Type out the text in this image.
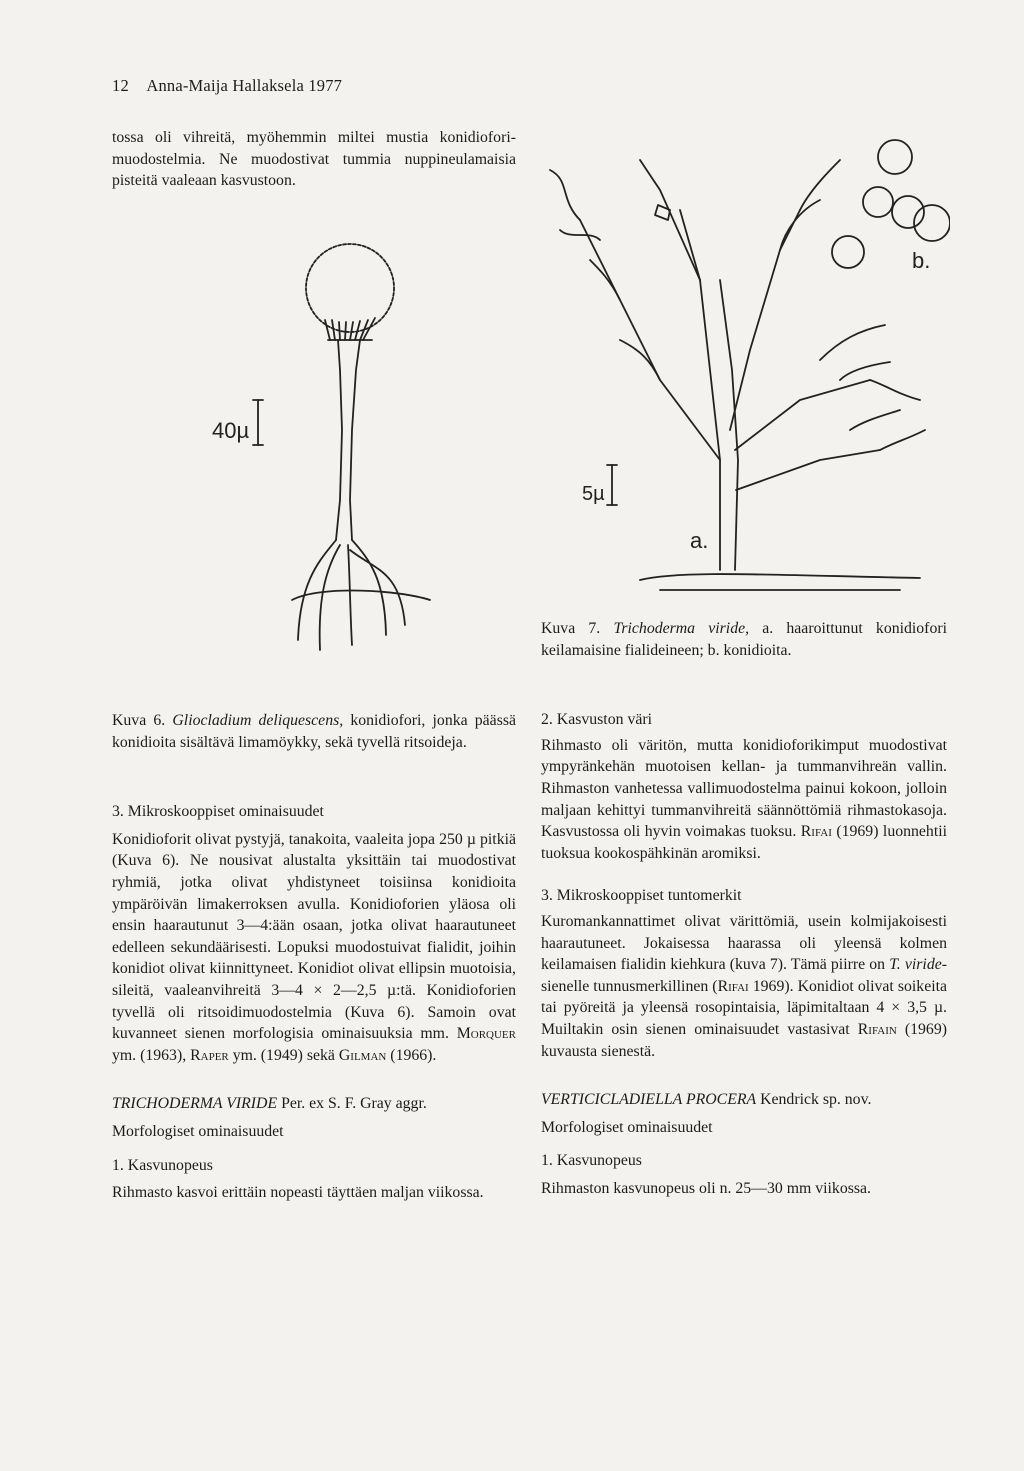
12 Anna-Maija Hallaksela 1977

tossa oli vihreitä, myöhemmin miltei mustia konidiofori-muodostelmia. Ne muodostivat tummia nuppineulamaisia pisteitä vaaleaan kasvustoon.

40µ
b.
5µ
a.

Kuva 6. Gliocladium deliquescens, konidiofori, jonka päässä konidioita sisältävä limamöykky, sekä tyvellä ritsoideja.

3. Mikroskooppiset ominaisuudet

Konidioforit olivat pystyjä, tanakoita, vaaleita jopa 250 µ pitkiä (Kuva 6). Ne nousivat alustalta yksittäin tai muodostivat ryhmiä, jotka olivat yhdistyneet toisiinsa konidioita ympäröivän limakerroksen avulla. Konidioforien yläosa oli ensin haarautunut 3—4:ään osaan, jotka olivat haarautuneet edelleen sekundäärisesti. Lopuksi muodostuivat fialidit, joihin konidiot olivat kiinnittyneet. Konidiot olivat ellipsin muotoisia, sileitä, vaaleanvihreitä 3—4 × 2—2,5 µ:tä. Konidioforien tyvellä oli ritsoidimuodostelmia (Kuva 6). Samoin ovat kuvanneet sienen morfologisia ominaisuuksia mm. Morquer ym. (1963), Raper ym. (1949) sekä Gilman (1966).

TRICHODERMA VIRIDE Per. ex S. F. Gray aggr.

Morfologiset ominaisuudet

1. Kasvunopeus

Rihmasto kasvoi erittäin nopeasti täyttäen maljan viikossa.

Kuva 7. Trichoderma viride, a. haaroittunut konidiofori keilamaisine fialideineen; b. konidioita.

2. Kasvuston väri

Rihmasto oli väritön, mutta konidioforikimput muodostivat ympyränkehän muotoisen kellan- ja tummanvihreän vallin. Rihmaston vanhetessa vallimuodostelma painui kokoon, jolloin maljaan kehittyi tummanvihreitä säännöttömiä rihmastokasoja. Kasvustossa oli hyvin voimakas tuoksu. Rifai (1969) luonnehtii tuoksua kookospähkinän aromiksi.

3. Mikroskooppiset tuntomerkit

Kuromankannattimet olivat värittömiä, usein kolmijakoisesti haarautuneet. Jokaisessa haarassa oli yleensä kolmen keilamaisen fialidin kiehkura (kuva 7). Tämä piirre on T. viride-sienelle tunnusmerkillinen (Rifai 1969). Konidiot olivat soikeita tai pyöreitä ja yleensä rosopintaisia, läpimitaltaan 4 × 3,5 µ. Muiltakin osin sienen ominaisuudet vastasivat Rifain (1969) kuvausta sienestä.

VERTICICLADIELLA PROCERA Kendrick sp. nov.

Morfologiset ominaisuudet

1. Kasvunopeus

Rihmaston kasvunopeus oli n. 25—30 mm viikossa.
